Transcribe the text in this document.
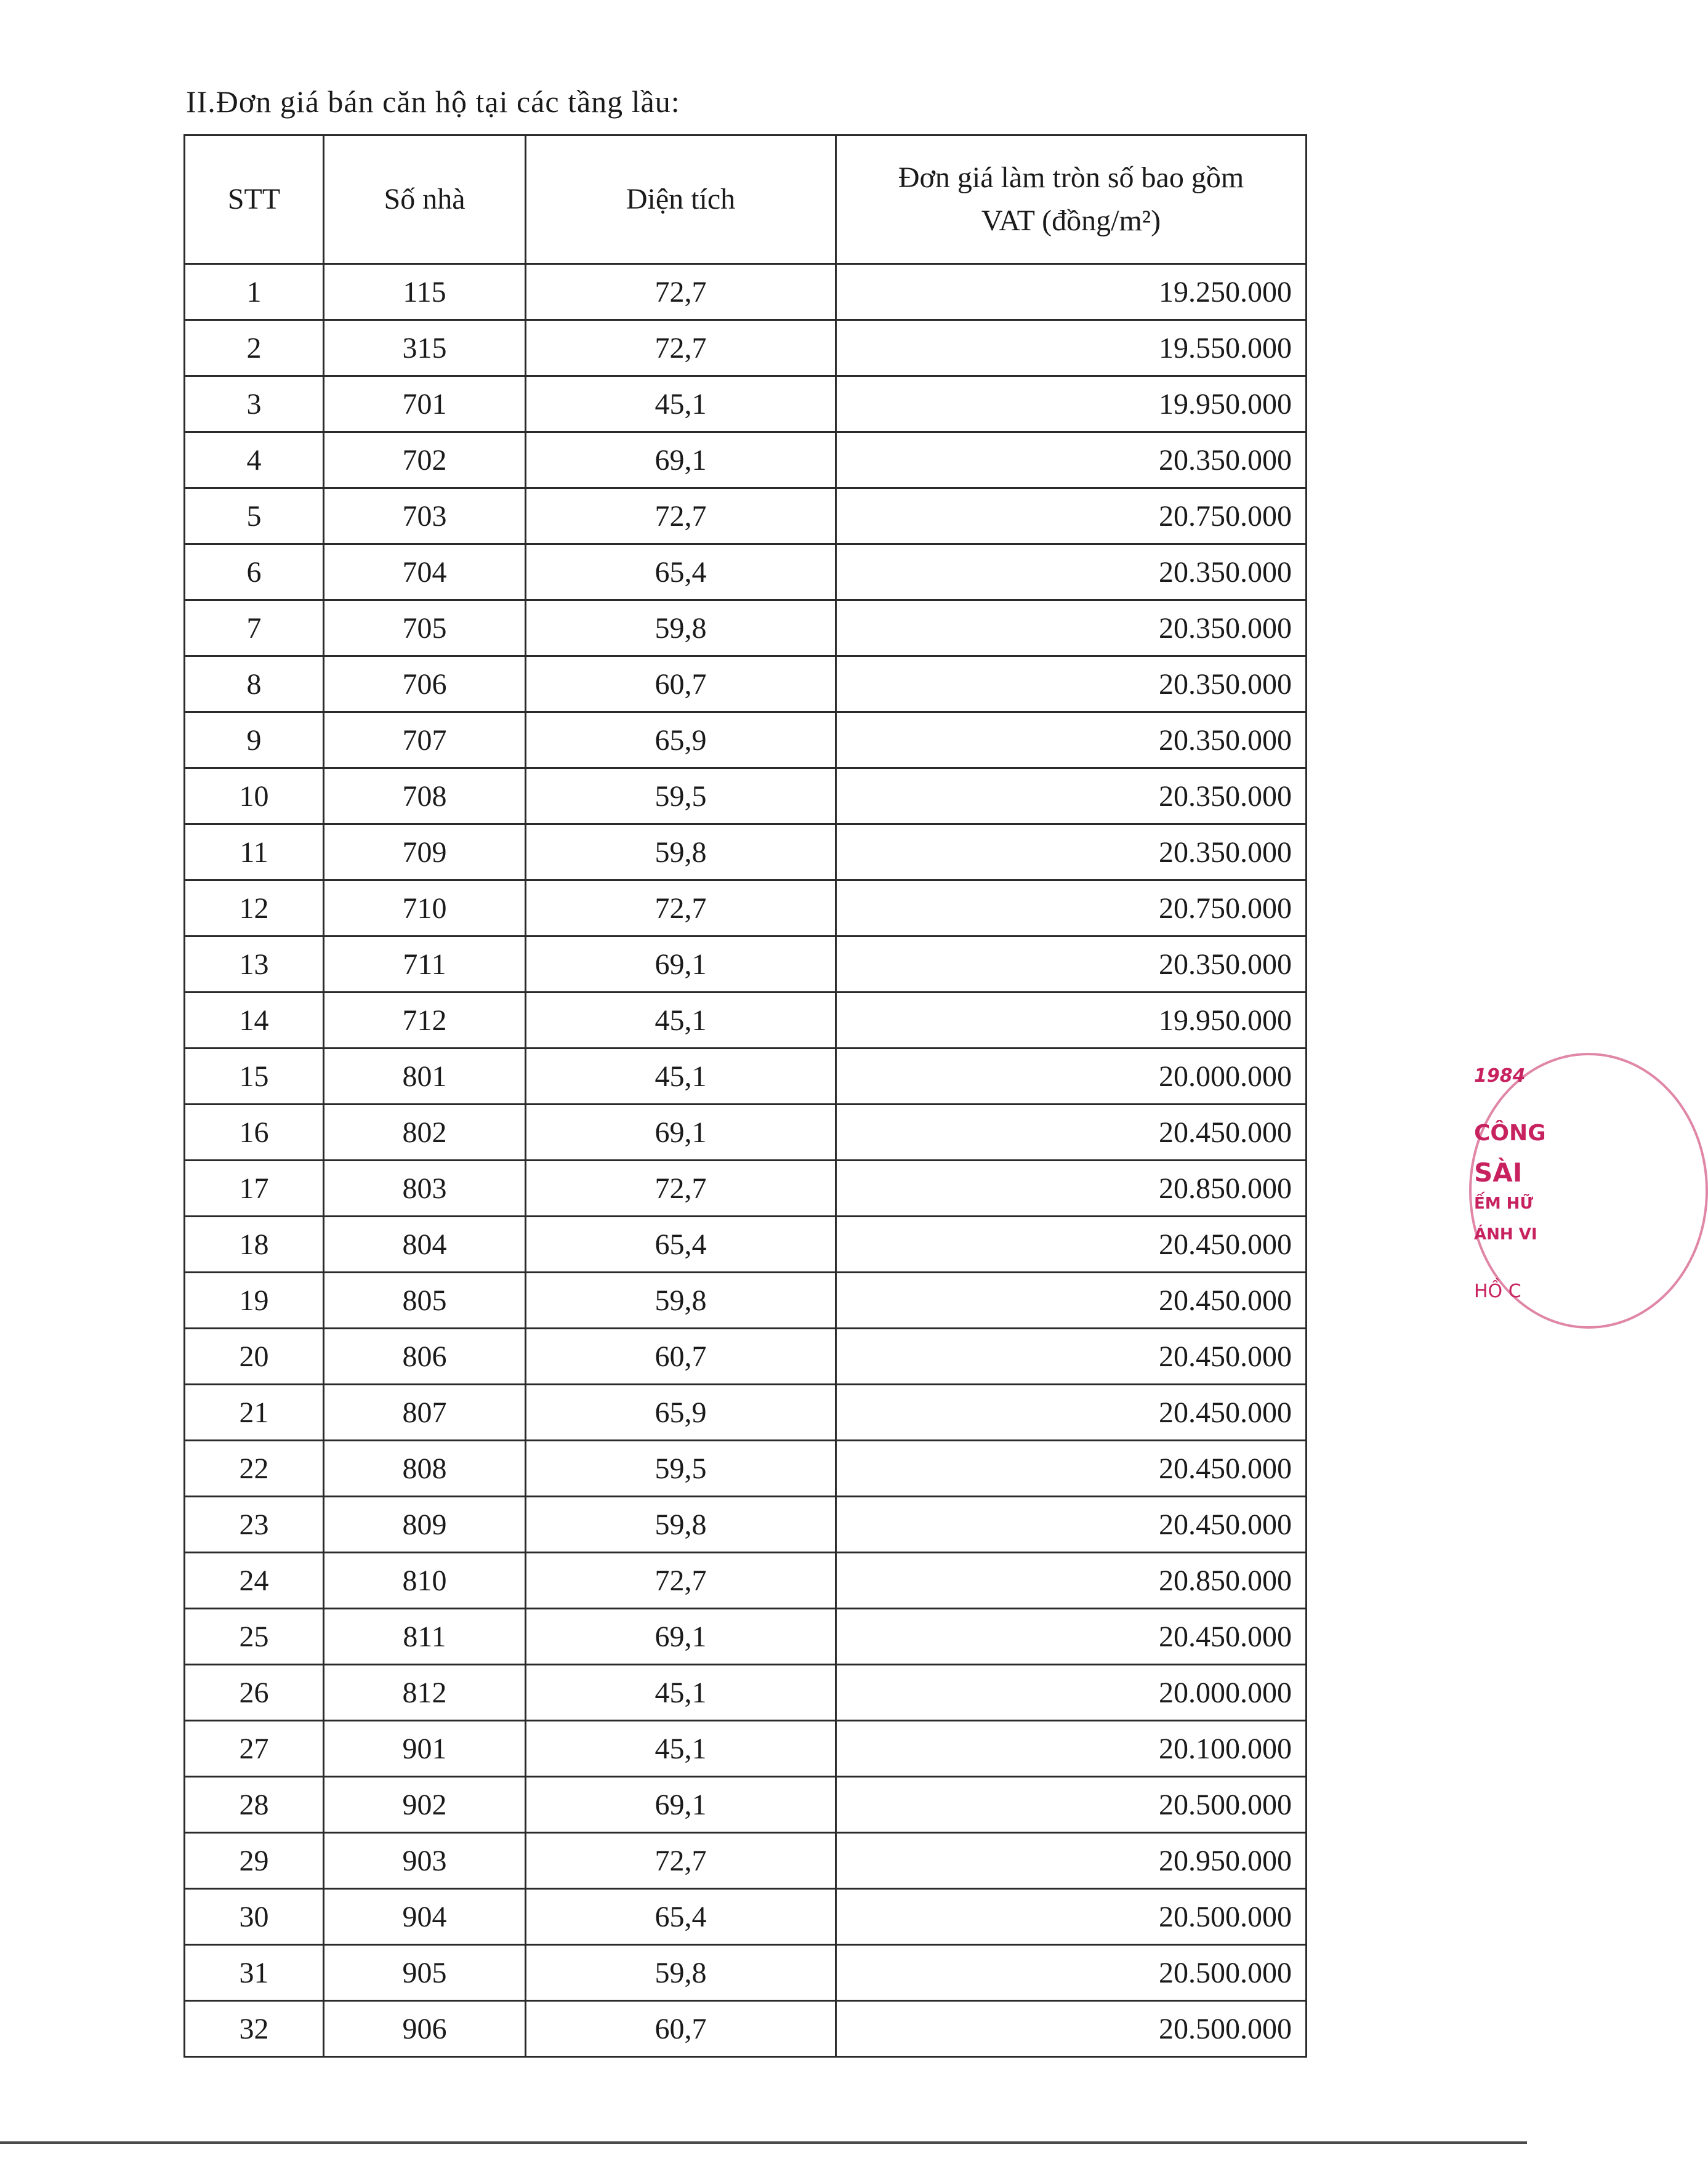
II.Đơn giá bán căn hộ tại các tầng lầu:
STT	Số nhà	Diện tích	Đơn giá làm tròn số bao gồm
VAT (đồng/m²)

1	115	72,7	19.250.000
2	315	72,7	19.550.000
3	701	45,1	19.950.000
4	702	69,1	20.350.000
5	703	72,7	20.750.000
6	704	65,4	20.350.000
7	705	59,8	20.350.000
8	706	60,7	20.350.000
9	707	65,9	20.350.000
10	708	59,5	20.350.000
11	709	59,8	20.350.000
12	710	72,7	20.750.000
13	711	69,1	20.350.000
14	712	45,1	19.950.000
15	801	45,1	20.000.000
16	802	69,1	20.450.000
17	803	72,7	20.850.000
18	804	65,4	20.450.000
19	805	59,8	20.450.000
20	806	60,7	20.450.000
21	807	65,9	20.450.000
22	808	59,5	20.450.000
23	809	59,8	20.450.000
24	810	72,7	20.850.000
25	811	69,1	20.450.000
26	812	45,1	20.000.000
27	901	45,1	20.100.000
28	902	69,1	20.500.000
29	903	72,7	20.950.000
30	904	65,4	20.500.000
31	905	59,8	20.500.000
32	906	60,7	20.500.000
1984
CÔNG
SÀI
ẾM HỮ
ÁNH VI
HỒ C
